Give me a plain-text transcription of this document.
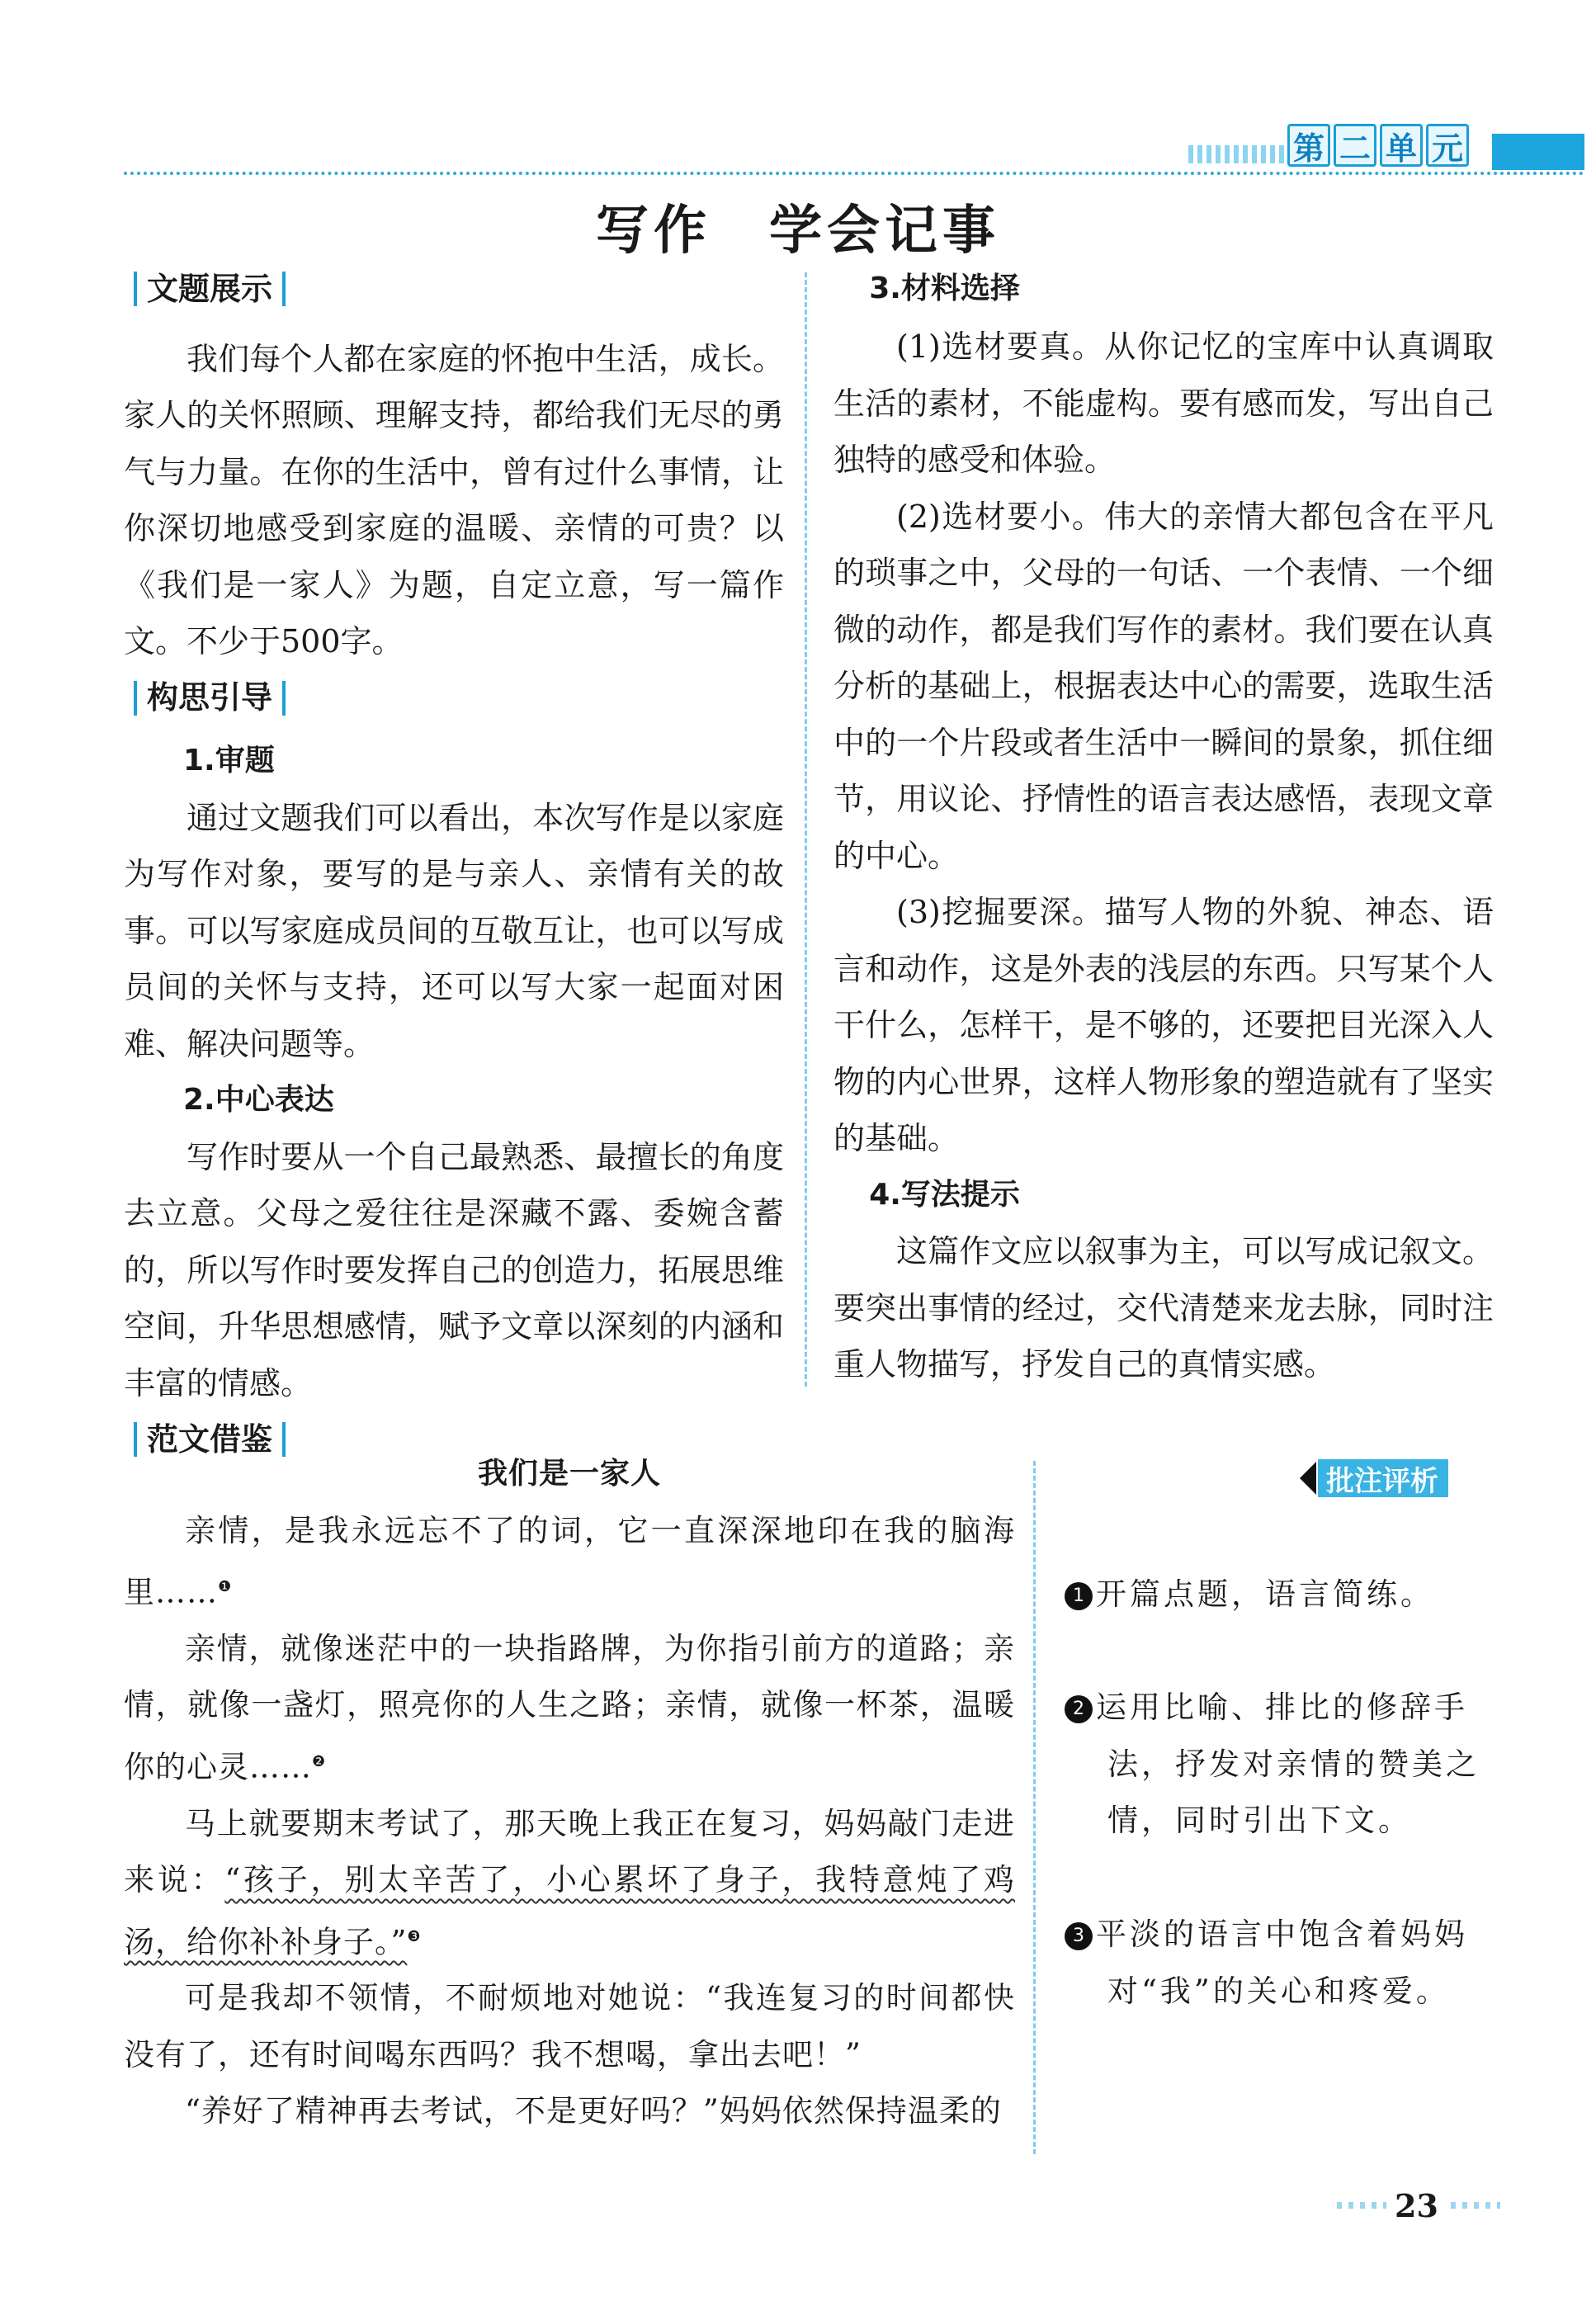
第 二 单 元
写作　学会记事
文题展示

我们每个人都在家庭的怀抱中生活，成长。家人的关怀照顾、理解支持，都给我们无尽的勇气与力量。在你的生活中，曾有过什么事情，让你深切地感受到家庭的温暖、亲情的可贵？以《我们是一家人》为题，自定立意，写一篇作文。不少于500字。

构思引导
1.审题

通过文题我们可以看出，本次写作是以家庭为写作对象，要写的是与亲人、亲情有关的故事。可以写家庭成员间的互敬互让，也可以写成员间的关怀与支持，还可以写大家一起面对困难、解决问题等。

2.中心表达

写作时要从一个自己最熟悉、最擅长的角度去立意。父母之爱往往是深藏不露、委婉含蓄的，所以写作时要发挥自己的创造力，拓展思维空间，升华思想感情，赋予文章以深刻的内涵和丰富的情感。

范文借鉴
3.材料选择

(1)选材要真。从你记忆的宝库中认真调取生活的素材，不能虚构。要有感而发，写出自己独特的感受和体验。

(2)选材要小。伟大的亲情大都包含在平凡的琐事之中，父母的一句话、一个表情、一个细微的动作，都是我们写作的素材。我们要在认真分析的基础上，根据表达中心的需要，选取生活中的一个片段或者生活中一瞬间的景象，抓住细节，用议论、抒情性的语言表达感悟，表现文章的中心。

(3)挖掘要深。描写人物的外貌、神态、语言和动作，这是外表的浅层的东西。只写某个人干什么，怎样干，是不够的，还要把目光深入人物的内心世界，这样人物形象的塑造就有了坚实的基础。

4.写法提示

这篇作文应以叙事为主，可以写成记叙文。要突出事情的经过，交代清楚来龙去脉，同时注重人物描写，抒发自己的真情实感。

我们是一家人

亲情，是我永远忘不了的词，它一直深深地印在我的脑海里……$^❶$

亲情，就像迷茫中的一块指路牌，为你指引前方的道路；亲情，就像一盏灯，照亮你的人生之路；亲情，就像一杯茶，温暖你的心灵……$^❷$

马上就要期末考试了，那天晚上我正在复习，妈妈敲门走进来说：“孩子，别太辛苦了，小心累坏了身子，我特意炖了鸡汤，给你补补身子。”$^❸$

可是我却不领情，不耐烦地对她说：“我连复习的时间都快没有了，还有时间喝东西吗？我不想喝，拿出去吧！”

“养好了精神再去考试，不是更好吗？”妈妈依然保持温柔的

批注评析
1 开篇点题，语言简练。
2 运用比喻、排比的修辞手
法，抒发对亲情的赞美之情，同时引出下文。
3 平淡的语言中饱含着妈妈
对“我”的关心和疼爱。
23
